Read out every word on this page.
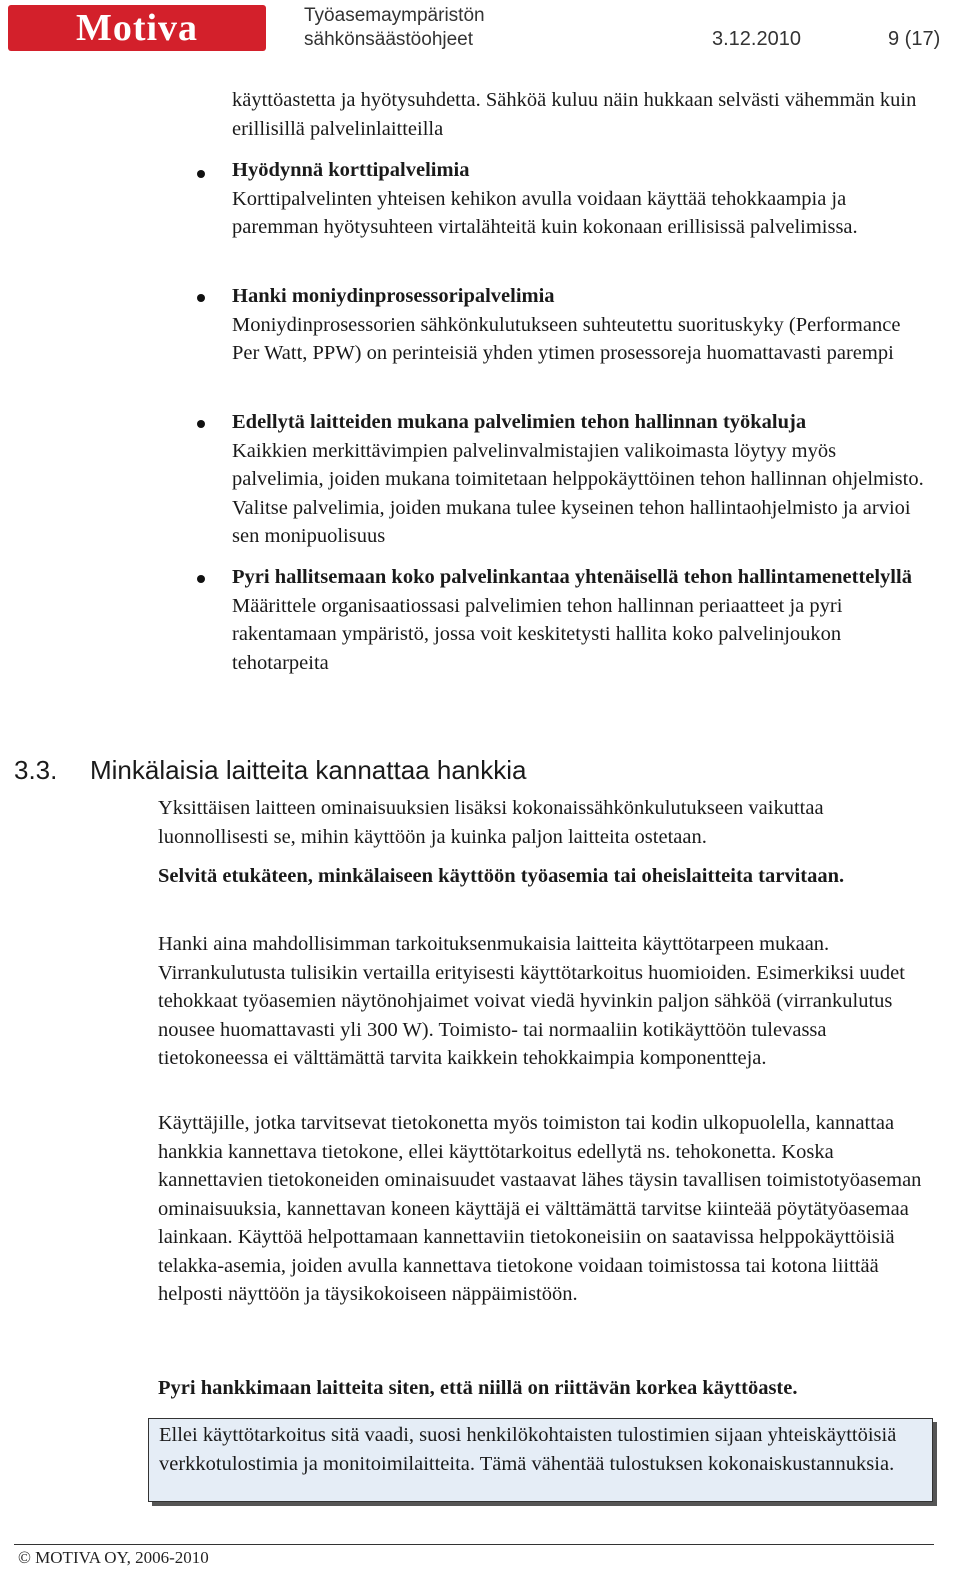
Motiva	Työasemaympäristön
sähkönsäästöohjeet	3.12.2010	9 (17)

käyttöastetta ja hyötysuhdetta. Sähköä kuluu näin hukkaan selvästi vähemmän kuin erillisillä palvelinlaitteilla

Hyödynnä korttipalvelimia
Korttipalvelinten yhteisen kehikon avulla voidaan käyttää tehokkaampia ja paremman hyötysuhteen virtalähteitä kuin kokonaan erillisissä palvelimissa.
Hanki moniydinprosessoripalvelimia
Moniydinprosessorien sähkönkulutukseen suhteutettu suorituskyky (Performance Per Watt, PPW) on perinteisiä yhden ytimen prosessoreja huomattavasti parempi
Edellytä laitteiden mukana palvelimien tehon hallinnan työkaluja
Kaikkien merkittävimpien palvelinvalmistajien valikoimasta löytyy myös palvelimia, joiden mukana toimitetaan helppokäyttöinen tehon hallinnan ohjelmisto. Valitse palvelimia, joiden mukana tulee kyseinen tehon hallintaohjelmisto ja arvioi sen monipuolisuus
Pyri hallitsemaan koko palvelinkantaa yhtenäisellä tehon hallintamenettelyllä
Määrittele organisaatiossasi palvelimien tehon hallinnan periaatteet ja pyri rakentamaan ympäristö, jossa voit keskitetysti hallita koko palvelinjoukon tehotarpeita
3.3. Minkälaisia laitteita kannattaa hankkia

Yksittäisen laitteen ominaisuuksien lisäksi kokonaissähkönkulutukseen vaikuttaa luonnollisesti se, mihin käyttöön ja kuinka paljon laitteita ostetaan.

Selvitä etukäteen, minkälaiseen käyttöön työasemia tai oheislaitteita tarvitaan.

Hanki aina mahdollisimman tarkoituksenmukaisia laitteita käyttötarpeen mukaan. Virrankulutusta tulisikin vertailla erityisesti käyttötarkoitus huomioiden. Esimerkiksi uudet tehokkaat työasemien näytönohjaimet voivat viedä hyvinkin paljon sähköä (virrankulutus nousee huomattavasti yli 300 W). Toimisto- tai normaaliin kotikäyttöön tulevassa tietokoneessa ei välttämättä tarvita kaikkein tehokkaimpia komponentteja.

Käyttäjille, jotka tarvitsevat tietokonetta myös toimiston tai kodin ulkopuolella, kannattaa hankkia kannettava tietokone, ellei käyttötarkoitus edellytä ns. tehokonetta. Koska kannettavien tietokoneiden ominaisuudet vastaavat lähes täysin tavallisen toimistotyöaseman ominaisuuksia, kannettavan koneen käyttäjä ei välttämättä tarvitse kiinteää pöytätyöasemaa lainkaan. Käyttöä helpottamaan kannettaviin tietokoneisiin on saatavissa helppokäyttöisiä telakka-asemia, joiden avulla kannettava tietokone voidaan toimistossa tai kotona liittää helposti näyttöön ja täysikokoiseen näppäimistöön.

Pyri hankkimaan laitteita siten, että niillä on riittävän korkea käyttöaste.

Ellei käyttötarkoitus sitä vaadi, suosi henkilökohtaisten tulostimien sijaan yhteiskäyttöisiä verkkotulostimia ja monitoimilaitteita. Tämä vähentää tulostuksen kokonaiskustannuksia.
© MOTIVA OY, 2006-2010
